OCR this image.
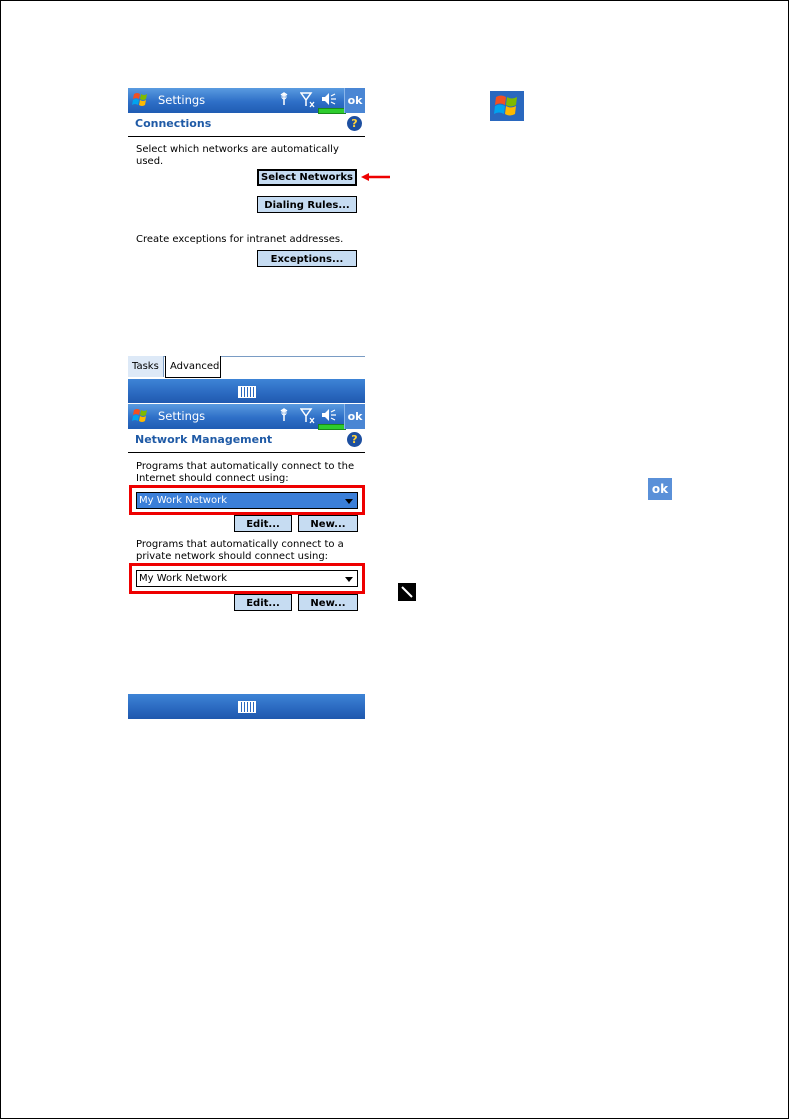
Settings	ok
Connections	?
Select which networks are automatically used.
Select Networks
Dialing Rules...
Create exceptions for intranet addresses.
Exceptions...
Tasks	Advanced
Settings	ok
Network Management	?
Programs that automatically connect to the
Internet should connect using:
My Work Network
Edit...	New...
Programs that automatically connect to a
private network should connect using:
My Work Network
Edit...	New...
ok
